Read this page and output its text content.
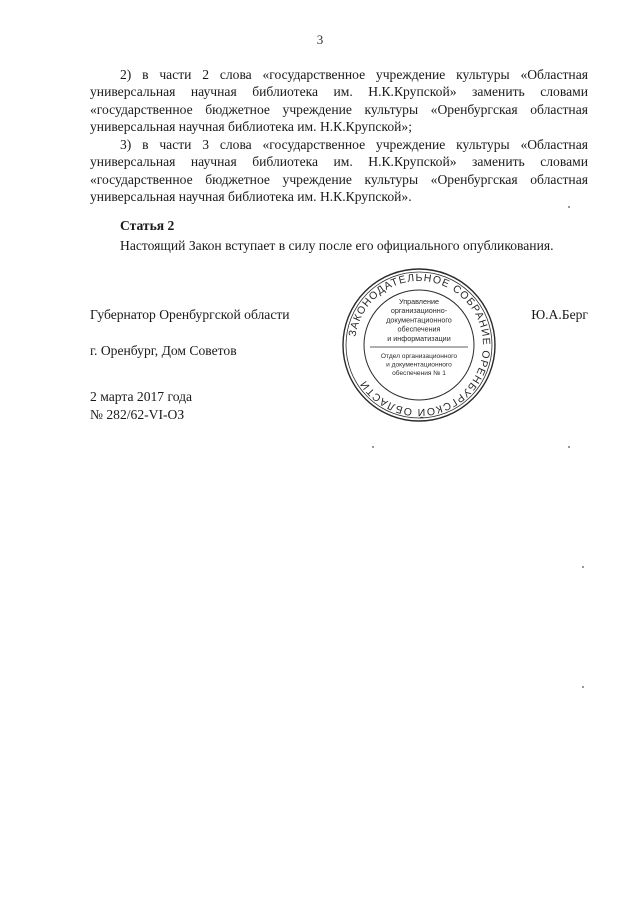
3

2) в части 2 слова «государственное учреждение культуры «Областная универсальная научная библиотека им. Н.К.Крупской» заменить словами «государственное бюджетное учреждение культуры «Оренбургская областная универсальная научная библиотека им. Н.К.Крупской»;

3) в части 3 слова «государственное учреждение культуры «Областная универсальная научная библиотека им. Н.К.Крупской» заменить словами «государственное бюджетное учреждение культуры «Оренбургская областная универсальная научная библиотека им. Н.К.Крупской».

Статья 2

Настоящий Закон вступает в силу после его официального опубликования.

Губернатор Оренбургской области	Ю.А.Берг
г. Оренбург, Дом Советов
2 марта 2017 года
№ 282/62-VI-ОЗ
ЗАКОНОДАТЕЛЬНОЕ СОБРАНИЕ ОРЕНБУРГСКОЙ ОБЛАСТИ
Управление
организационно-
документационного
обеспечения
и информатизации
Отдел организационного
и документационного
обеспечения № 1
